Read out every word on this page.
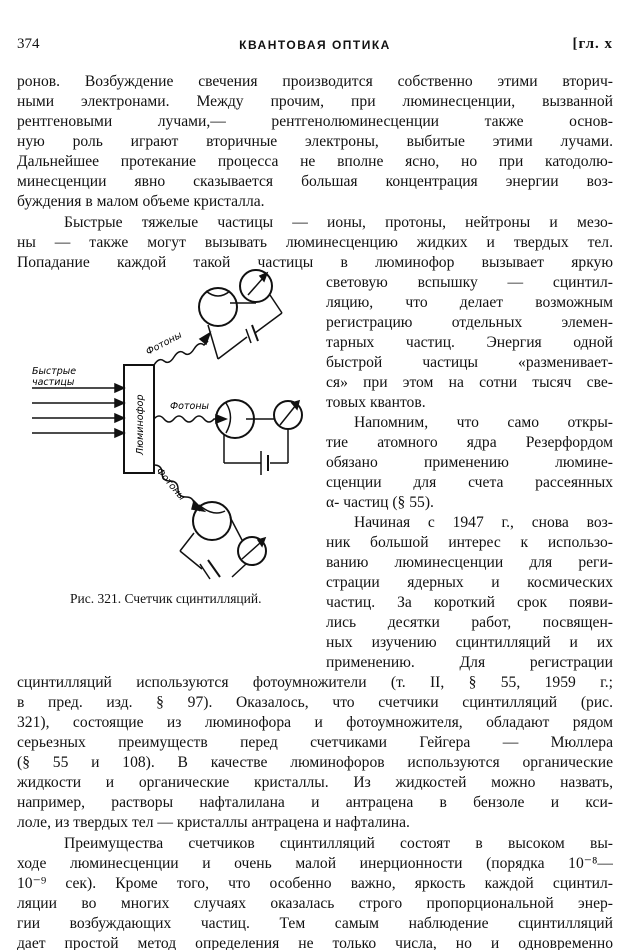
374	КВАНТОВАЯ ОПТИКА	[гл. x
ронов. Возбуждение свечения производится собственно этими вторич-
ными электронами. Между прочим, при люминесценции, вызванной
рентгеновыми лучами,— рентгенолюминесценции также основ-
ную роль играют вторичные электроны, выбитые этими лучами.
Дальнейшее протекание процесса не вполне ясно, но при катодолю-
минесценции явно сказывается большая концентрация энергии воз-
буждения в малом объеме кристалла.
Быстрые тяжелые частицы — ионы, протоны, нейтроны и мезо-
ны — также могут вызывать люминесценцию жидких и твердых тел.
Попадание каждой такой частицы в люминофор вызывает яркую
световую вспышку — сцинтил-
ляцию, что делает возможным
регистрацию отдельных элемен-
тарных частиц. Энергия одной
быстрой частицы «разменивает-
ся» при этом на сотни тысяч све-
товых квантов.
Напомним, что само откры-
тие атомного ядра Резерфордом
обязано применению люмине-
сценции для счета рассеянных
α- частиц (§ 55).
Начиная с 1947 г., снова воз-
ник большой интерес к использо-
ванию люминесценции для реги-
страции ядерных и космических
частиц. За короткий срок появи-
лись десятки работ, посвящен-
ных изучению сцинтилляций и их
применению. Для регистрации
сцинтилляций используются фотоумножители (т. II, § 55, 1959 г.;
в пред. изд. § 97). Оказалось, что счетчики сцинтилляций (рис.
321), состоящие из люминофора и фотоумножителя, обладают рядом
серьезных преимуществ перед счетчиками Гейгера — Мюллера
(§ 55 и 108). В качестве люминофоров используются органические
жидкости и органические кристаллы. Из жидкостей можно назвать,
например, растворы нафталилана и антрацена в бензоле и кси-
лоле, из твердых тел — кристаллы антрацена и нафталина.
Преимущества счетчиков сцинтилляций состоят в высоком вы-
ходе люминесценции и очень малой инерционности (порядка 10⁻⁸—
10⁻⁹ сек). Кроме того, что особенно важно, яркость каждой сцинтил-
ляции во многих случаях оказалась строго пропорциональной энер-
гии возбуждающих частиц. Тем самым наблюдение сцинтилляций
дает простой метод определения не только числа, но и одновременно
Быстрые
частицы
Люминофор
Фотоны
Фотоны
Фотоны
Рис. 321. Счетчик сцинтилляций.
